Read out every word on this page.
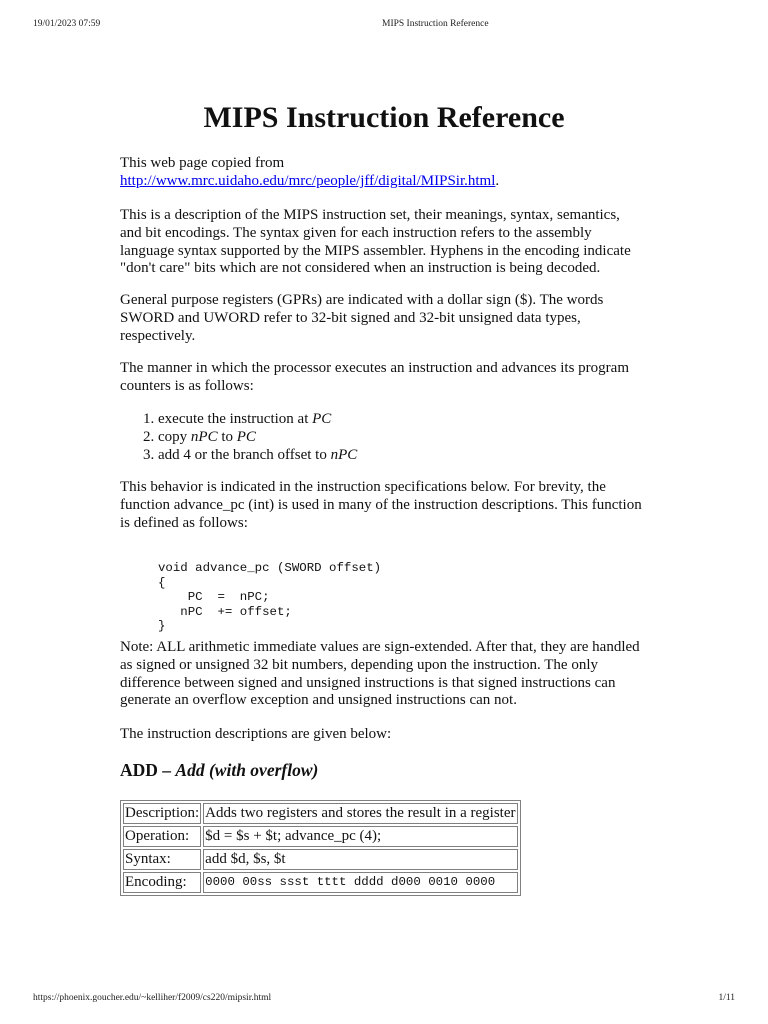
19/01/2023 07:59	MIPS Instruction Reference
MIPS Instruction Reference

This web page copied from
http://www.mrc.uidaho.edu/mrc/people/jff/digital/MIPSir.html.

This is a description of the MIPS instruction set, their meanings, syntax, semantics,
and bit encodings. The syntax given for each instruction refers to the assembly
language syntax supported by the MIPS assembler. Hyphens in the encoding indicate
"don't care" bits which are not considered when an instruction is being decoded.

General purpose registers (GPRs) are indicated with a dollar sign ($). The words
SWORD and UWORD refer to 32-bit signed and 32-bit unsigned data types,
respectively.

The manner in which the processor executes an instruction and advances its program
counters is as follows:

1. execute the instruction at PC
2. copy nPC to PC
3. add 4 or the branch offset to nPC

This behavior is indicated in the instruction specifications below. For brevity, the
function advance_pc (int) is used in many of the instruction descriptions. This function
is defined as follows:

void advance_pc (SWORD offset)
{
PC  =  nPC;
nPC  += offset;
}

Note: ALL arithmetic immediate values are sign-extended. After that, they are handled
as signed or unsigned 32 bit numbers, depending upon the instruction. The only
difference between signed and unsigned instructions is that signed instructions can
generate an overflow exception and unsigned instructions can not.

The instruction descriptions are given below:

ADD – Add (with overflow)
Description:	Adds two registers and stores the result in a register
Operation:	$d = $s + $t; advance_pc (4);
Syntax:	add $d, $s, $t
Encoding:	0000 00ss ssst tttt dddd d000 0010 0000
https://phoenix.goucher.edu/~kelliher/f2009/cs220/mipsir.html	1/11
